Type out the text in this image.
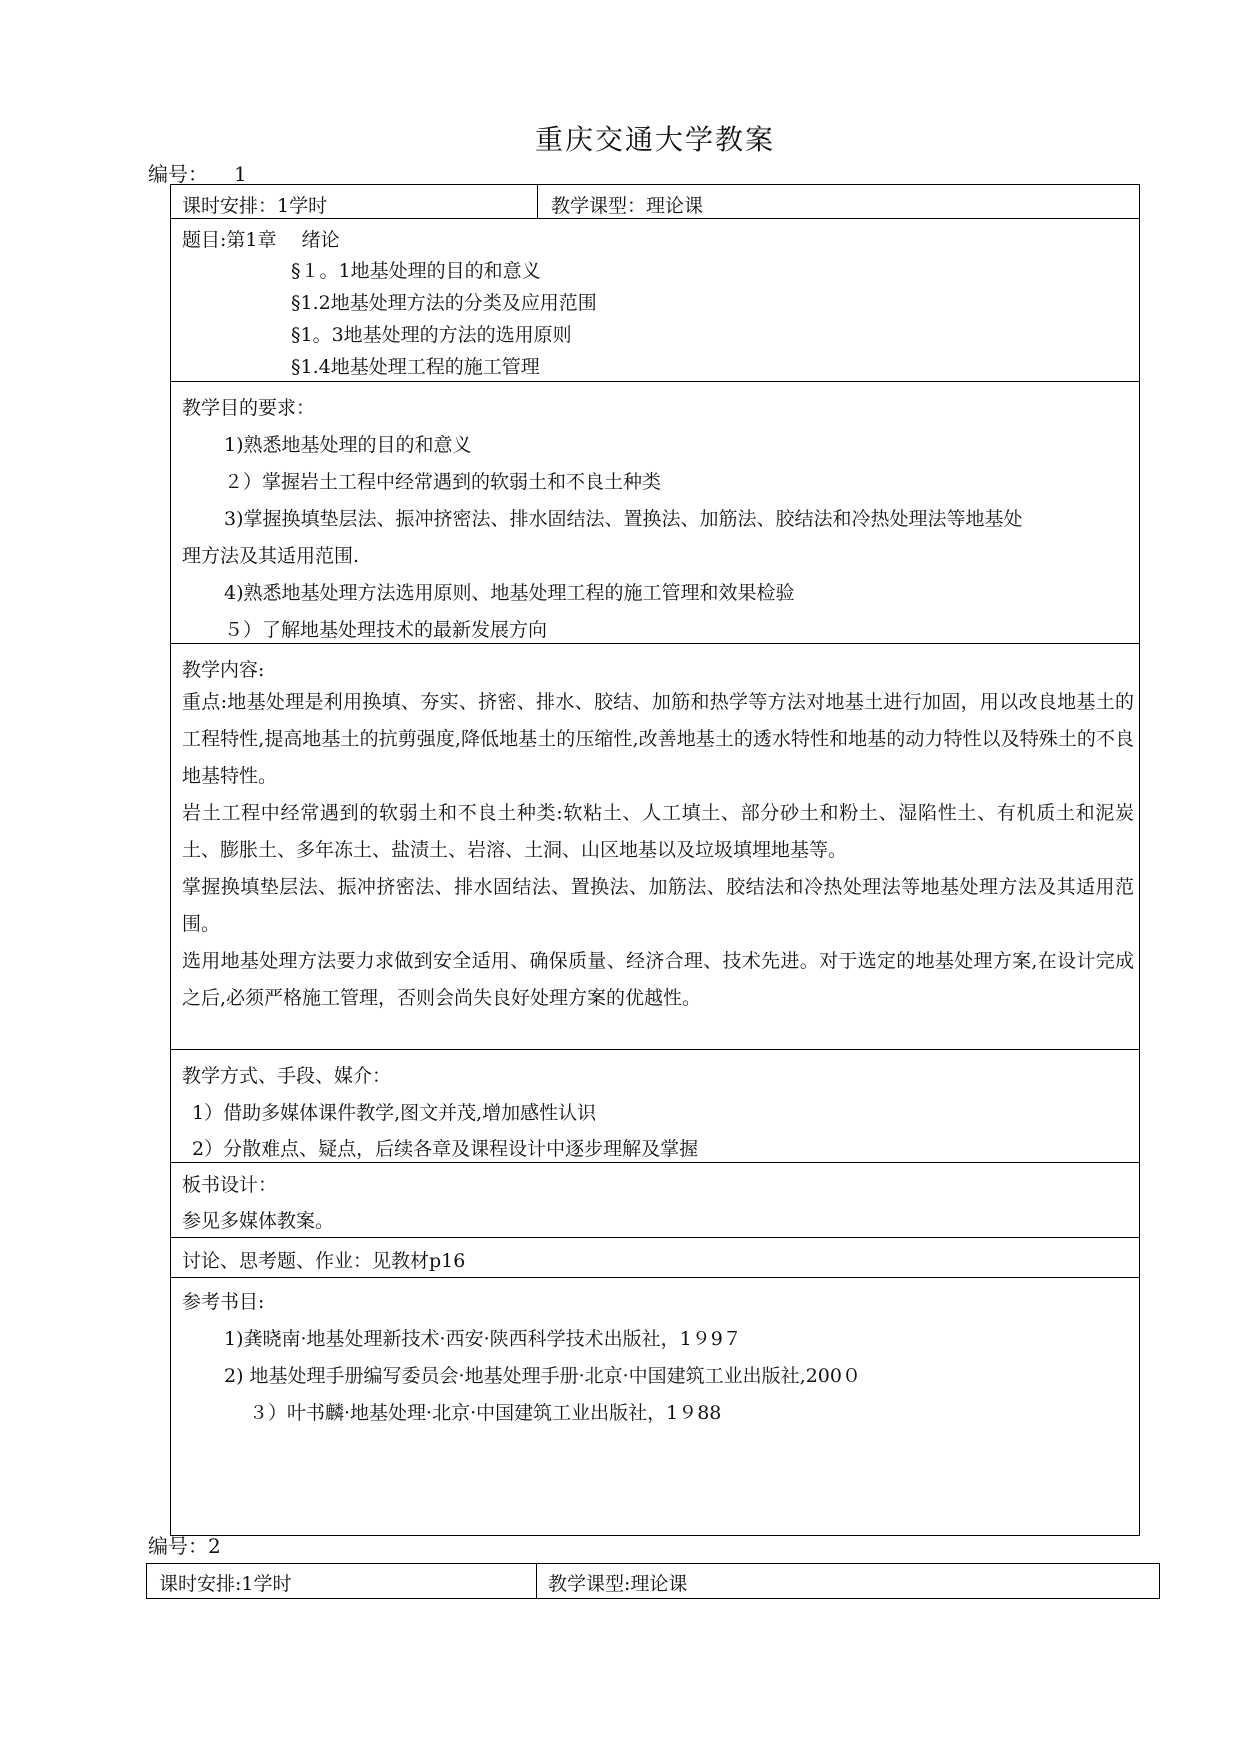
重庆交通大学教案
编号： 1
课时安排：1学时	教学课型：理论课
题目:第1章　 绪论
§１。1地基处理的目的和意义
§1.2地基处理方法的分类及应用范围
§1。3地基处理的方法的选用原则
§1.4地基处理工程的施工管理
教学目的要求：
1)熟悉地基处理的目的和意义
２）掌握岩土工程中经常遇到的软弱土和不良土种类
3)掌握换填垫层法、振冲挤密法、排水固结法、置换法、加筋法、胶结法和冷热处理法等地基处
理方法及其适用范围.
4)熟悉地基处理方法选用原则、地基处理工程的施工管理和效果检验
５）了解地基处理技术的最新发展方向
教学内容:
重点:地基处理是利用换填、夯实、挤密、排水、胶结、加筋和热学等方法对地基土进行加固，用以改良地基土的工程特性,提高地基土的抗剪强度,降低地基土的压缩性,改善地基土的透水特性和地基的动力特性以及特殊土的不良地基特性。
岩土工程中经常遇到的软弱土和不良土种类:软粘土、人工填土、部分砂土和粉土、湿陷性土、有机质土和泥炭土、膨胀土、多年冻土、盐渍土、岩溶、土洞、山区地基以及垃圾填埋地基等。
掌握换填垫层法、振冲挤密法、排水固结法、置换法、加筋法、胶结法和冷热处理法等地基处理方法及其适用范围。
选用地基处理方法要力求做到安全适用、确保质量、经济合理、技术先进。对于选定的地基处理方案,在设计完成之后,必须严格施工管理，否则会尚失良好处理方案的优越性。
教学方式、手段、媒介：
1）借助多媒体课件教学,图文并茂,增加感性认识
2）分散难点、疑点，后续各章及课程设计中逐步理解及掌握
板书设计：
参见多媒体教案。
讨论、思考题、作业：见教材p16
参考书目:
1)龚晓南·地基处理新技术·西安·陕西科学技术出版社，1９9７
2) 地基处理手册编写委员会·地基处理手册·北京·中国建筑工业出版社,200０
３）叶书麟·地基处理·北京·中国建筑工业出版社，1９88
编号：2
课时安排:1学时	教学课型:理论课
